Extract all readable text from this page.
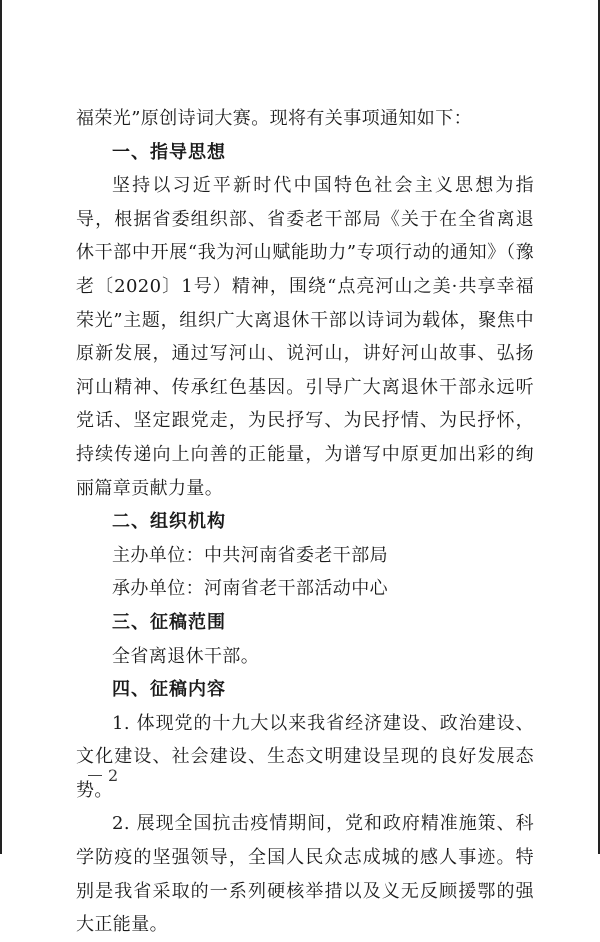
福荣光”原创诗词大赛。现将有关事项通知如下：

一、指导思想

坚持以习近平新时代中国特色社会主义思想为指导，根据省委组织部、省委老干部局《关于在全省离退休干部中开展“我为河山赋能助力”专项行动的通知》（豫老〔2020〕1号）精神，围绕“点亮河山之美·共享幸福荣光”主题，组织广大离退休干部以诗词为载体，聚焦中原新发展，通过写河山、说河山，讲好河山故事、弘扬河山精神、传承红色基因。引导广大离退休干部永远听党话、坚定跟党走，为民抒写、为民抒情、为民抒怀，持续传递向上向善的正能量，为谱写中原更加出彩的绚丽篇章贡献力量。

二、组织机构

主办单位：中共河南省委老干部局

承办单位：河南省老干部活动中心

三、征稿范围

全省离退休干部。

四、征稿内容

1. 体现党的十九大以来我省经济建设、政治建设、文化建设、社会建设、生态文明建设呈现的良好发展态势。

2. 展现全国抗击疫情期间，党和政府精准施策、科学防疫的坚强领导，全国人民众志成城的感人事迹。特别是我省采取的一系列硬核举措以及义无反顾援鄂的强大正能量。

2
